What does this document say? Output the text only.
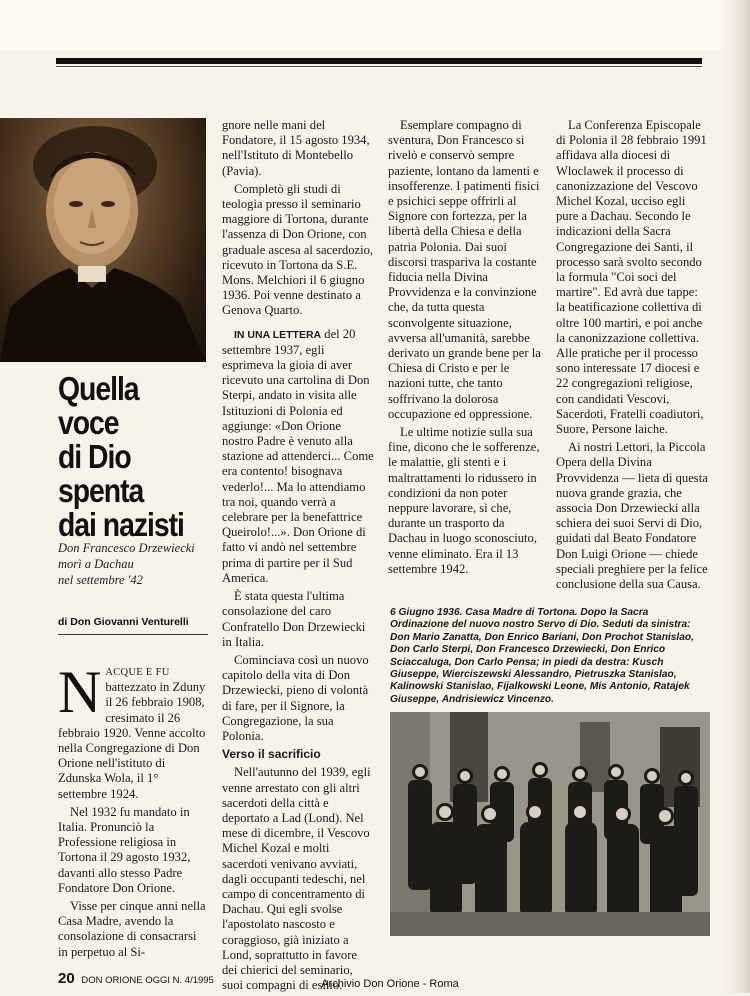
Quella voce
di Dio
spenta
dai nazisti

Don Francesco Drzewiecki
morì a Dachau
nel settembre '42

di Don Giovanni Venturelli

NACQUE E FU battezzato in Zduny il 26 febbraio 1908, cresimato il 26 febbraio 1920. Venne accolto nella Congregazione di Don Orione nell'istituto di Zdunska Wola, il 1° settembre 1924.

Nel 1932 fu mandato in Italia. Pronunciò la Professione religiosa in Tortona il 29 agosto 1932, davanti allo stesso Padre Fondatore Don Orione.

Visse per cinque anni nella Casa Madre, avendo la consolazione di consacrarsi in perpetuo al Si-

gnore nelle mani del Fondatore, il 15 agosto 1934, nell'Istituto di Montebello (Pavia).

Completò gli studi di teologia presso il seminario maggiore di Tortona, durante l'assenza di Don Orione, con graduale ascesa al sacerdozio, ricevuto in Tortona da S.E. Mons. Melchiori il 6 giugno 1936. Poi venne destinato a Genova Quarto.

IN UNA LETTERA del 20 settembre 1937, egli esprimeva la gioia di aver ricevuto una cartolina di Don Sterpi, andato in visita alle Istituzioni di Polonia ed aggiunge: «Don Orione nostro Padre è venuto alla stazione ad attenderci... Come era contento! bisognava vederlo!... Ma lo attendiamo tra noi, quando verrà a celebrare per la benefattrice Queirolo!...». Don Orione di fatto vi andò nel settembre prima di partire per il Sud America.

È stata questa l'ultima consolazione del caro Confratello Don Drzewiecki in Italia.

Cominciava così un nuovo capitolo della vita di Don Drzewiecki, pieno di volontà di fare, per il Signore, la Congregazione, la sua Polonia.

Verso il sacrificio

Nell'autunno del 1939, egli venne arrestato con gli altri sacerdoti della città e deportato a Lad (Lond). Nel mese di dicembre, il Vescovo Michel Kozal e molti sacerdoti venivano avviati, dagli occupanti tedeschi, nel campo di concentramento di Dachau. Qui egli svolse l'apostolato nascosto e coraggioso, già iniziato a Lond, soprattutto in favore dei chierici del seminario, suoi compagni di esilio.

Esemplare compagno di sventura, Don Francesco si rivelò e conservò sempre paziente, lontano da lamenti e insofferenze. I patimenti fisici e psichici seppe offrirli al Signore con fortezza, per la libertà della Chiesa e della patria Polonia. Dai suoi discorsi traspariva la costante fiducia nella Divina Provvidenza e la convinzione che, da tutta questa sconvolgente situazione, avversa all'umanità, sarebbe derivato un grande bene per la Chiesa di Cristo e per le nazioni tutte, che tanto soffrivano la dolorosa occupazione ed oppressione.

Le ultime notizie sulla sua fine, dicono che le sofferenze, le malattie, gli stenti e i maltrattamenti lo ridussero in condizioni da non poter neppure lavorare, sì che, durante un trasporto da Dachau in luogo sconosciuto, venne eliminato. Era il 13 settembre 1942.

La Conferenza Episcopale di Polonia il 28 febbraio 1991 affidava alla diocesi di Wloclawek il processo di canonizzazione del Vescovo Michel Kozal, ucciso egli pure a Dachau. Secondo le indicazioni della Sacra Congregazione dei Santi, il processo sarà svolto secondo la formula "Coi soci del martire". Ed avrà due tappe: la beatificazione collettiva di oltre 100 martiri, e poi anche la canonizzazione collettiva. Alle pratiche per il processo sono interessate 17 diocesi e 22 congregazioni religiose, con candidati Vescovi, Sacerdoti, Fratelli coadiutori, Suore, Persone laiche.

Ai nostri Lettori, la Piccola Opera della Divina Provvidenza — lieta di questa nuova grande grazia, che associa Don Drzewiecki alla schiera dei suoi Servi di Dio, guidati dal Beato Fondatore Don Luigi Orione — chiede speciali preghiere per la felice conclusione della sua Causa.

6 Giugno 1936. Casa Madre di Tortona. Dopo la Sacra Ordinazione del nuovo nostro Servo di Dio. Seduti da sinistra: Don Mario Zanatta, Don Enrico Bariani, Don Prochot Stanislao, Don Carlo Sterpi, Don Francesco Drzewiecki, Don Enrico Sciaccaluga, Don Carlo Pensa; in piedi da destra: Kusch Giuseppe, Wierciszewski Alessandro, Pietruszka Stanislao, Kalinowski Stanislao, Fijalkowski Leone, Mis Antonio, Ratajek Giuseppe, Andrisiewicz Vincenzo.

20 DON ORIONE OGGI N. 4/1995	Archivio Don Orione - Roma
